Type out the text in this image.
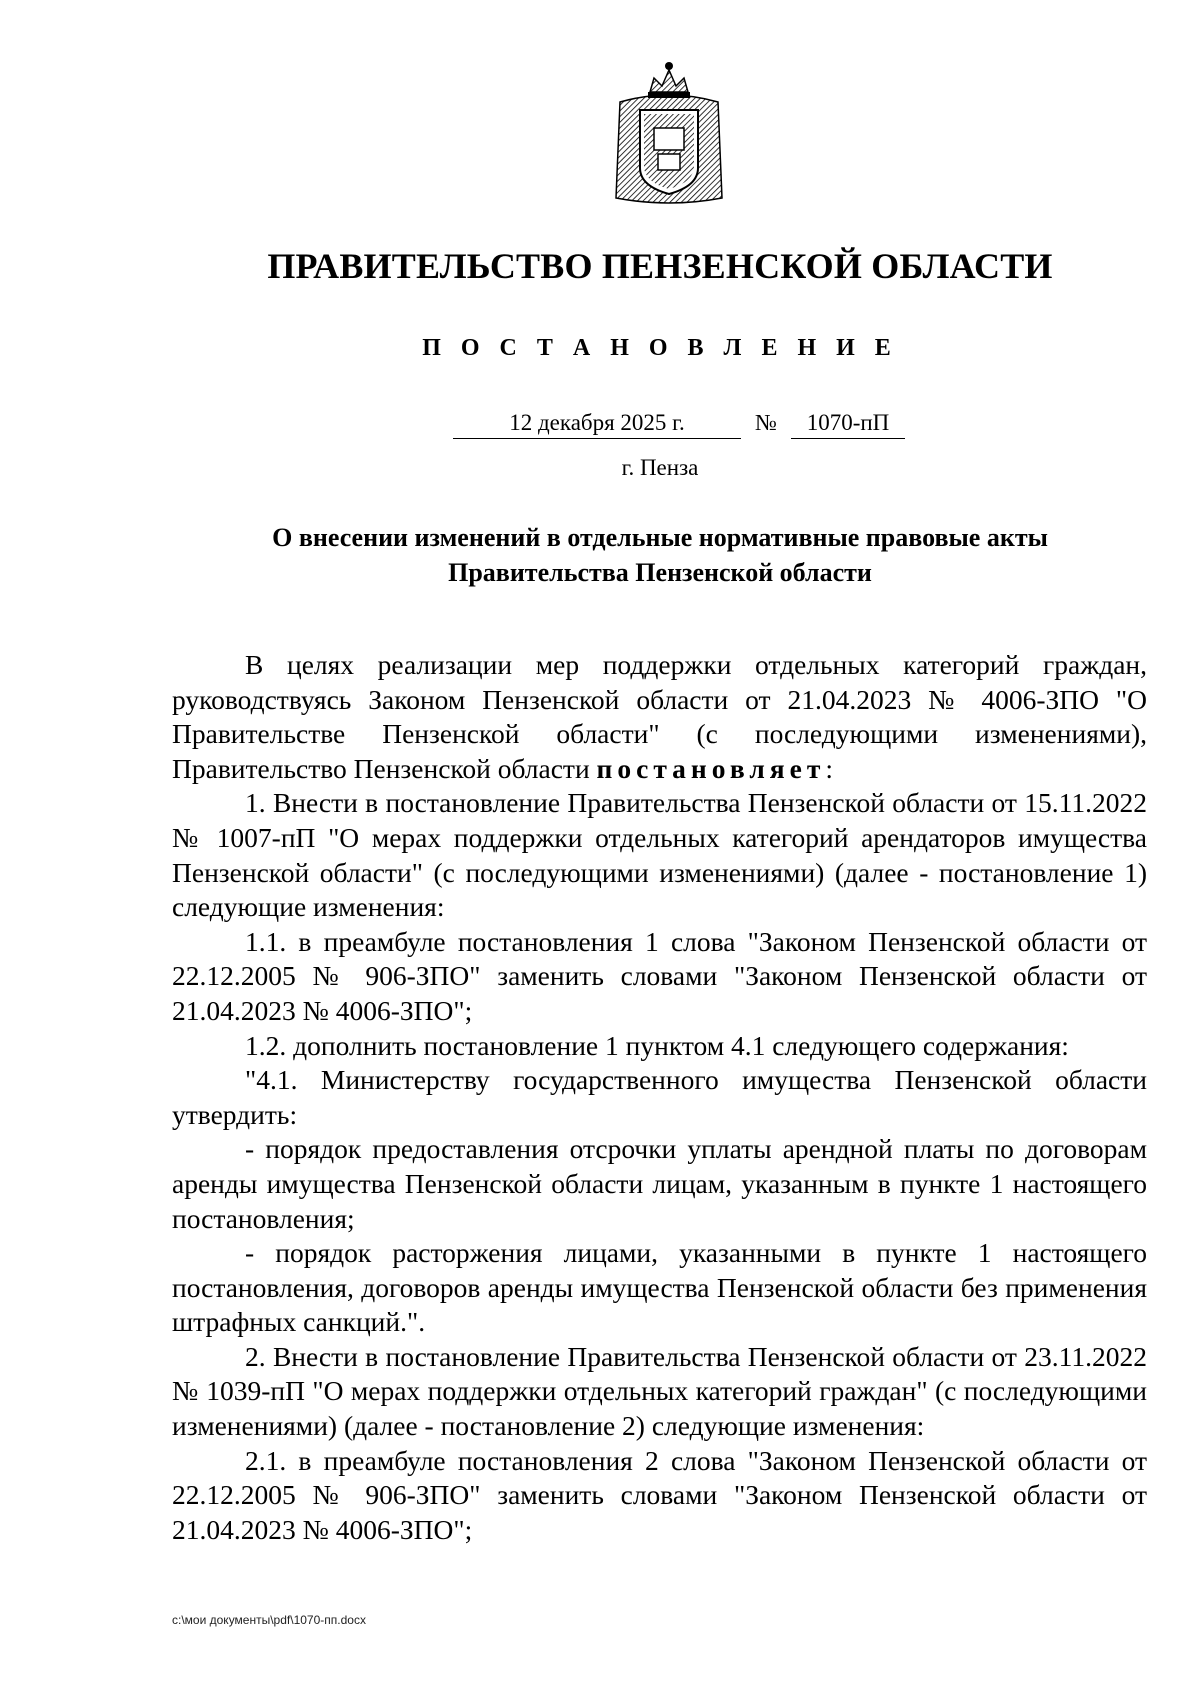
ПРАВИТЕЛЬСТВО ПЕНЗЕНСКОЙ ОБЛАСТИ
П О С Т А Н О В Л Е Н И Е
12 декабря 2025 г.	№ 1070-пП
г. Пенза
О внесении изменений в отдельные нормативные правовые акты
Правительства Пензенской области

В целях реализации мер поддержки отдельных категорий граждан, руководствуясь Законом Пензенской области от 21.04.2023 № 4006-ЗПО "О Правительстве Пензенской области" (с последующими изменениями), Правительство Пензенской области постановляет:

1. Внести в постановление Правительства Пензенской области от 15.11.2022 № 1007-пП "О мерах поддержки отдельных категорий арендаторов имущества Пензенской области" (с последующими изменениями) (далее - постановление 1) следующие изменения:

1.1. в преамбуле постановления 1 слова "Законом Пензенской области от 22.12.2005 № 906-ЗПО" заменить словами "Законом Пензенской области от 21.04.2023 № 4006-ЗПО";

1.2. дополнить постановление 1 пунктом 4.1 следующего содержания:

"4.1. Министерству государственного имущества Пензенской области утвердить:

- порядок предоставления отсрочки уплаты арендной платы по договорам аренды имущества Пензенской области лицам, указанным в пункте 1 настоящего постановления;

- порядок расторжения лицами, указанными в пункте 1 настоящего постановления, договоров аренды имущества Пензенской области без применения штрафных санкций.".

2. Внести в постановление Правительства Пензенской области от 23.11.2022 № 1039-пП "О мерах поддержки отдельных категорий граждан" (с последующими изменениями) (далее - постановление 2) следующие изменения:

2.1. в преамбуле постановления 2 слова "Законом Пензенской области от 22.12.2005 № 906-ЗПО" заменить словами "Законом Пензенской области от 21.04.2023 № 4006-ЗПО";

c:\мои документы\pdf\1070-пп.docx
